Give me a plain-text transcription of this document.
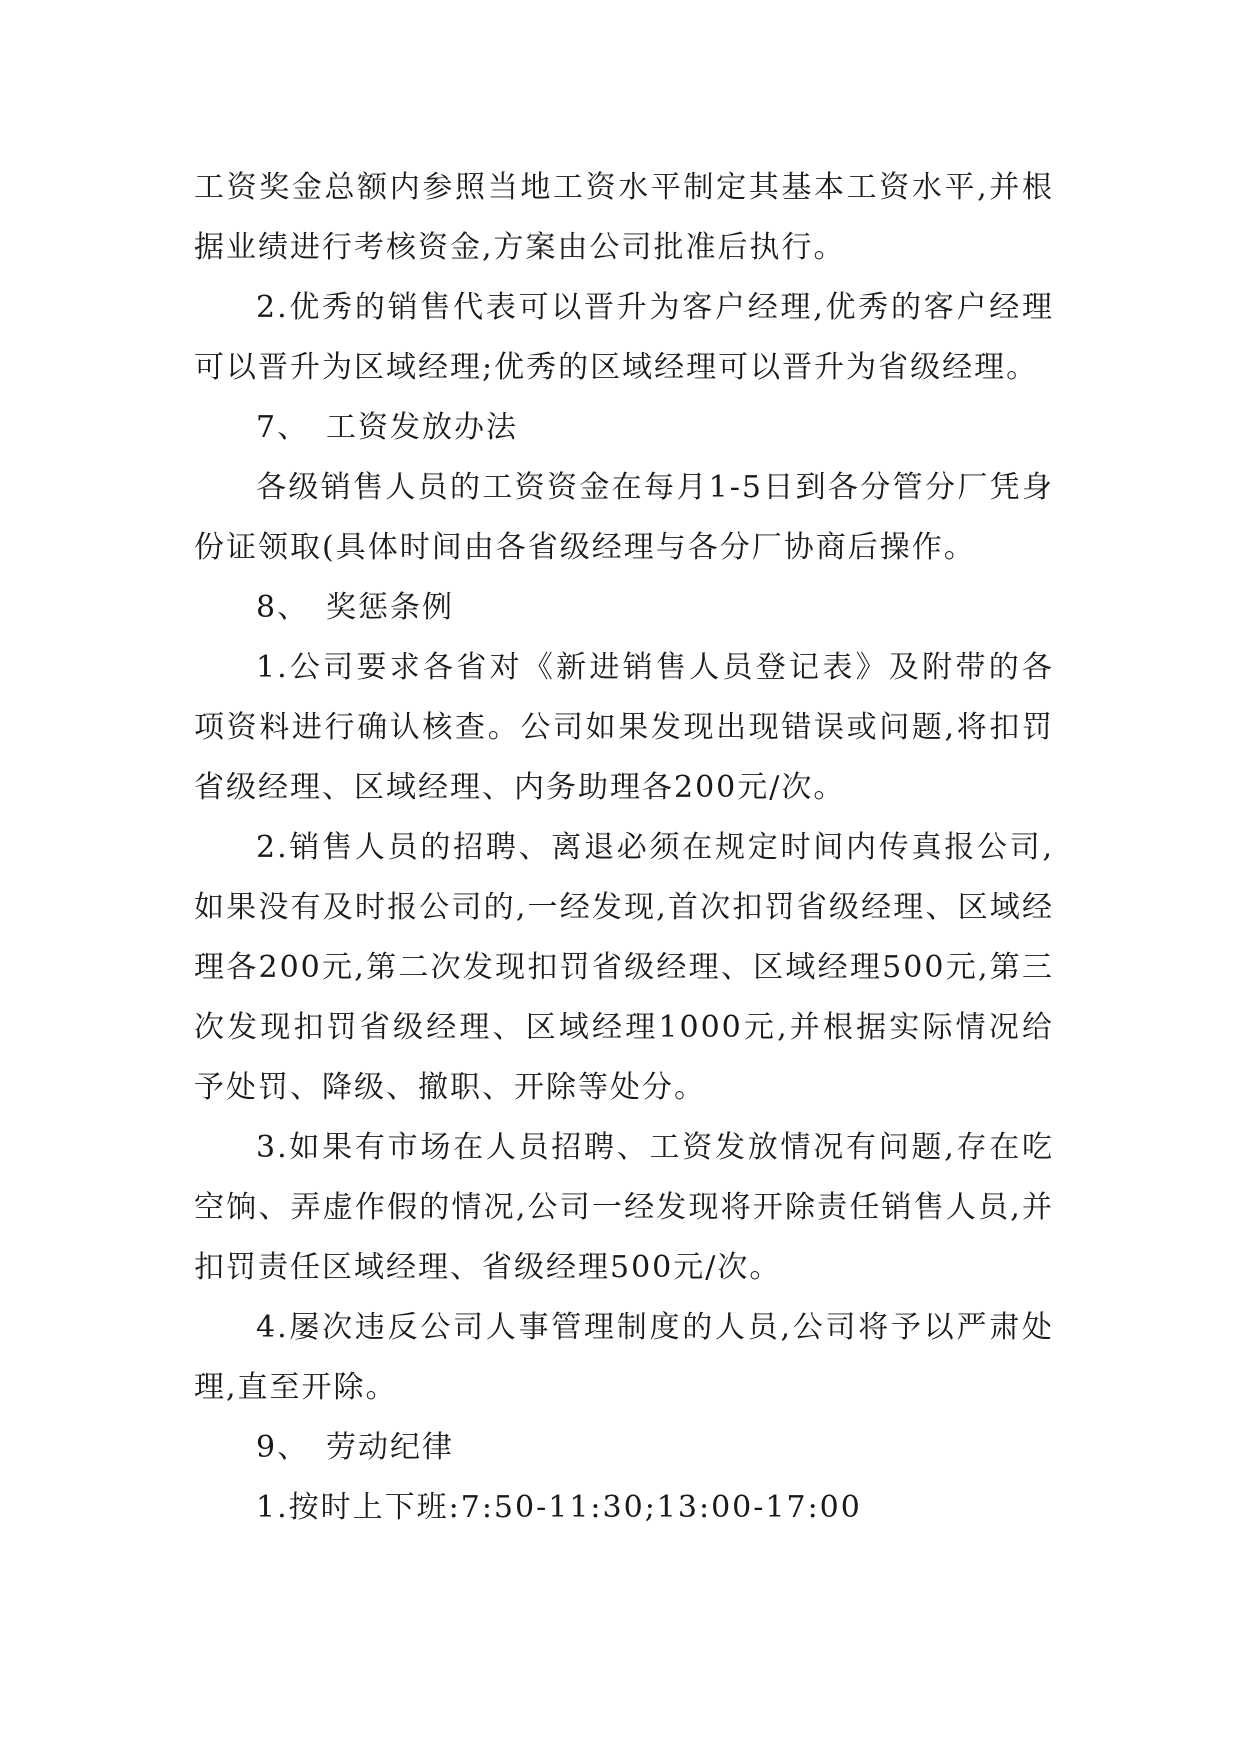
工资奖金总额内参照当地工资水平制定其基本工资水平,并根据业绩进行考核资金,方案由公司批准后执行。

2.优秀的销售代表可以晋升为客户经理,优秀的客户经理可以晋升为区域经理;优秀的区域经理可以晋升为省级经理。

7、 工资发放办法

各级销售人员的工资资金在每月1-5日到各分管分厂凭身份证领取(具体时间由各省级经理与各分厂协商后操作。

8、 奖惩条例

1.公司要求各省对《新进销售人员登记表》及附带的各项资料进行确认核查。公司如果发现出现错误或问题,将扣罚省级经理、区域经理、内务助理各200元/次。

2.销售人员的招聘、离退必须在规定时间内传真报公司,如果没有及时报公司的,一经发现,首次扣罚省级经理、区域经理各200元,第二次发现扣罚省级经理、区域经理500元,第三次发现扣罚省级经理、区域经理1000元,并根据实际情况给予处罚、降级、撤职、开除等处分。

3.如果有市场在人员招聘、工资发放情况有问题,存在吃空饷、弄虚作假的情况,公司一经发现将开除责任销售人员,并扣罚责任区域经理、省级经理500元/次。

4.屡次违反公司人事管理制度的人员,公司将予以严肃处理,直至开除。

9、 劳动纪律

1.按时上下班:7:50-11:30;13:00-17:00
